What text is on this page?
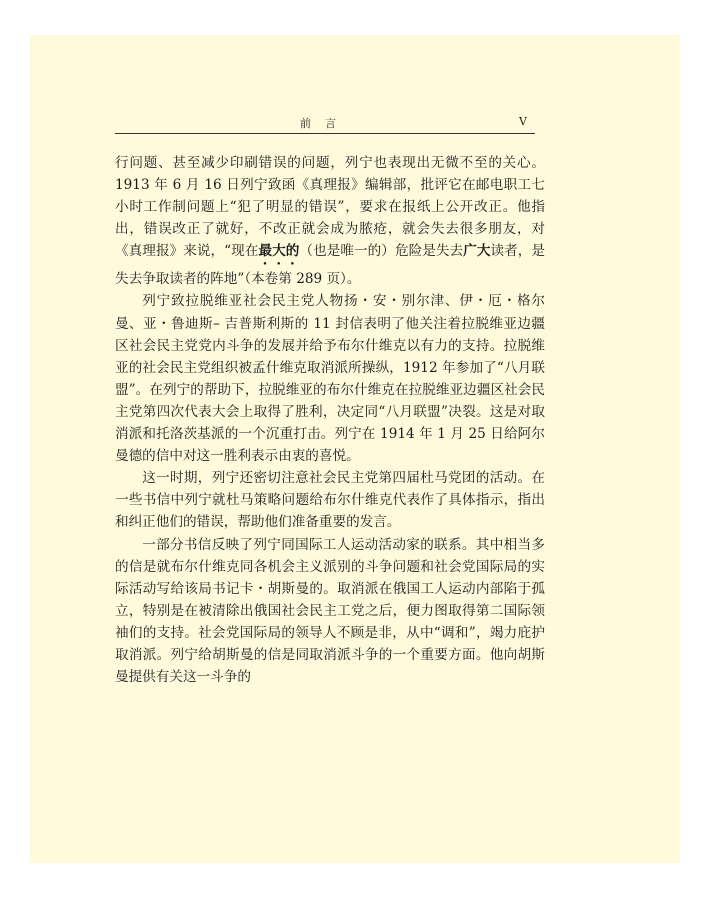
前言	V

行问题、甚至减少印刷错误的问题，列宁也表现出无微不至的关心。1913 年 6 月 16 日列宁致函《真理报》编辑部，批评它在邮电职工七小时工作制问题上“犯了明显的错误”，要求在报纸上公开改正。他指出，错误改正了就好，不改正就会成为脓疮，就会失去很多朋友，对《真理报》来说，“现在最大的（也是唯一的）危险是失去广大读者，是失去争取读者的阵地”（本卷第 289 页）。

列宁致拉脱维亚社会民主党人物扬・安・别尔津、伊・厄・格尔曼、亚・鲁迪斯– 吉普斯利斯的 11 封信表明了他关注着拉脱维亚边疆区社会民主党党内斗争的发展并给予布尔什维克以有力的支持。拉脱维亚的社会民主党组织被孟什维克取消派所操纵，1912 年参加了“八月联盟”。在列宁的帮助下，拉脱维亚的布尔什维克在拉脱维亚边疆区社会民主党第四次代表大会上取得了胜利，决定同“八月联盟”决裂。这是对取消派和托洛茨基派的一个沉重打击。列宁在 1914 年 1 月 25 日给阿尔曼德的信中对这一胜利表示由衷的喜悦。

这一时期，列宁还密切注意社会民主党第四届杜马党团的活动。在一些书信中列宁就杜马策略问题给布尔什维克代表作了具体指示，指出和纠正他们的错误，帮助他们准备重要的发言。

一部分书信反映了列宁同国际工人运动活动家的联系。其中相当多的信是就布尔什维克同各机会主义派别的斗争问题和社会党国际局的实际活动写给该局书记卡・胡斯曼的。取消派在俄国工人运动内部陷于孤立，特别是在被清除出俄国社会民主工党之后，便力图取得第二国际领袖们的支持。社会党国际局的领导人不顾是非，从中“调和”，竭力庇护取消派。列宁给胡斯曼的信是同取消派斗争的一个重要方面。他向胡斯曼提供有关这一斗争的
